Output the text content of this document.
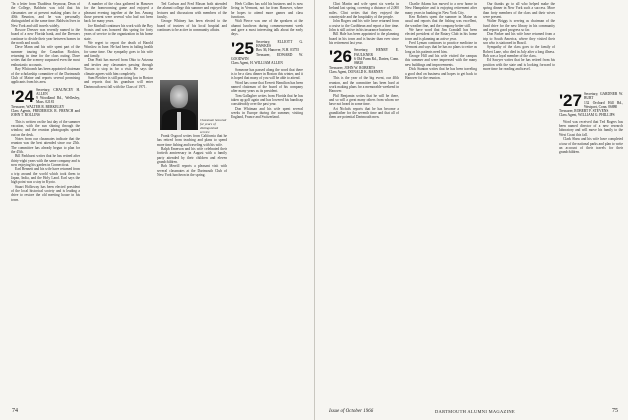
"In a letter from Thaddeus Seymour, Dean of the College, Baldwin was told that his classmates are at present making plans for a 40th Reunion, and he was personally distinguished at the same time. Baldwin lives in New York and still travels widely.

Roscoe Dresser was recently named to the board of a new Florida bank, and the Dressers continue to divide their year between homes in the north and south.

Dave Mann and his wife spent part of the summer touring the Canadian Rockies, returning in time for the class outing. Dave writes that the scenery surpassed even the most enthusiastic accounts.

Ray Whitcomb has been appointed chairman of the scholarship committee of the Dartmouth Club of Maine and reports several promising applicants from his area.

'24 Secretary, CHAUNCEY H. ALLEN
9 Woodland Rd., Wellesley, Mass. 02181
Treasurer, WALTER R. BERKELEY
Class Agents, FREDERICK R. FRENCH and JOHN T. ROLLINS

This is written on the last day of the summer vacation, with the sun shining through the window, and the reunion photographs spread out on the desk.

Notes from our classmates indicate that the reunion was the best attended since our 25th. The committee has already begun to plan for the 45th.

Bill Parkhurst writes that he has retired after thirty-eight years with the same company and is now enjoying his garden in Connecticut.

Earl Bennett and his wife have returned from a trip around the world which took them to Japan, India, and the Holy Land. Earl says the high point was a stay in Kyoto.

Stuart Holloway has been elected president of the local historical society and is leading a drive to restore the old meeting house in his town.

A number of the class gathered in Hanover for the homecoming game and enjoyed a pleasant evening together at the Inn. Among those present were several who had not been back for many years.

Joe Kimball continues his work with the Boy Scouts and was honored this spring for forty years of service to the organization in his home state.

We regret to report the death of Harold Winslow in June. He had been in failing health for some time. Our sympathy goes to his wife and family.

Don Pratt has moved from Ohio to Arizona and invites any classmates passing through Tucson to stop in for a visit. He says the climate agrees with him completely.

Sam Fletcher is still practicing law in Boston and reports that his grandson will enter Dartmouth next fall with the Class of 1971.

Ted Carlson and Fred Mason both attended the alumni college this summer and enjoyed the lectures and discussions with members of the faculty.

George Whitney has been elected to the board of trustees of his local hospital and continues to be active in community affairs.

Classmate honored for years of distinguished service

Frank Osgood writes from California that he has retired from teaching and plans to spend more time fishing and traveling with his wife.

Ralph Emerson and his wife celebrated their fortieth anniversary in August with a family party attended by their children and eleven grandchildren.

Bob Merrill reports a pleasant visit with several classmates at the Dartmouth Club of New York luncheon in the spring.

Herb Collins has sold his business and is now living in Vermont, not far from Hanover, where he hopes to attend more games and class functions.

Walt Pierce was one of the speakers at the alumni luncheon during commencement week and gave a most interesting talk about the early days.

'25 Secretary, ELLIOTT G. HAWKES
Box 36, Hanover, N.H. 03755
Treasurer, EDWARD W. GOODWIN
Class Agent, H. WILLIAM ALLEN

Someone has passed along the word that there is to be a class dinner in Boston this winter, and it is hoped that many of you will be able to attend.

Word has come that Everett Hamilton has been named chairman of the board of his company after many years as its president.

Tom Gallagher writes from Florida that he has taken up golf again and has lowered his handicap considerably over the past year.

Don Whitman and his wife spent several weeks in Europe during the summer, visiting England, France and Switzerland.

74

Clint Martin and wife spent six weeks in Ireland last spring, covering a distance of 2,000 miles. Clint writes that they enjoyed the countryside and the hospitality of the people.

John Rogers and his wife have returned from a cruise to the Caribbean and report a fine time. John is still active in his insurance business.

Bill Hale has been appointed to the planning board in his town and is busier than ever since his retirement last year.

'26 Secretary, HENRY E. FAULKNER
6 Old Farm Rd., Darien, Conn. 06820
Treasurer, JOHN W. ROBERTS
Class Agent, DONALD K. BARNEY

This is the year of the big event, our 40th reunion, and the committee has been hard at work making plans for a memorable weekend in Hanover.

Phil Benjamin writes that he will be there, and so will a great many others from whom we have not heard in some time.

Art Nichols reports that he has become a grandfather for the seventh time and that all of them are potential Dartmouth men.

Charlie Adams has moved to a new home in New Hampshire and is enjoying retirement after many years in banking in New York City.

Ken Roberts spent the summer in Maine as usual and reports that the fishing was excellent, the weather fine, and the company better still.

We have word that Jim Crandall has been elected president of the Rotary Club in his home town and is planning an active year.

Fred Lyman continues to practice medicine in Vermont and says that he has no plans to retire as long as his patients need him.

George Hill and his wife visited the campus this summer and were impressed with the many new buildings and improvements.

Dick Stanton writes that he has been traveling a good deal on business and hopes to get back to Hanover for the reunion.

Our thanks go to all who helped make the spring dinner in New York such a success. More than forty members of the class and their wives were present.

Walter Briggs is serving as chairman of the fund drive for the new library in his community and reports good progress so far.

Don Parker and his wife have returned from a trip to South America, where they visited their son who is stationed in Brazil.

Sympathy of the class goes to the family of Robert Lane, who died in July after a long illness. Bob was a loyal member of the class.

Ed Sawyer writes that he has retired from his position with the state and is looking forward to more time for reading and travel.

'27 Secretary, GARDNER W. BURT
132 Orchard Hill Rd., Westport, Conn. 06880
Treasurer, ROBERT F. STEVENS
Class Agent, WILLIAM G. PHILLIPS

Word was received that Ted Rogers has been named director of a new research laboratory and will move his family to the West Coast this fall.

Clark Shaw and his wife have completed a tour of the national parks and plan to write an account of their travels for their grandchildren.

DARTMOUTH ALUMNI MAGAZINE
Issue of October 1966	75
